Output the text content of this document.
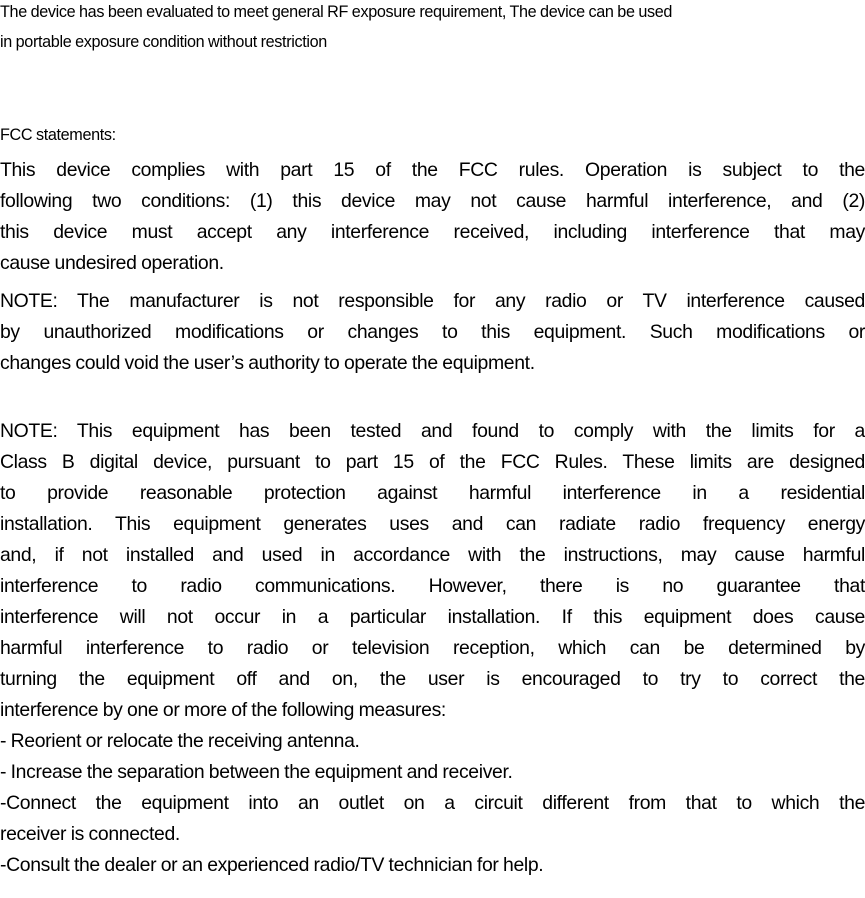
The device has been evaluated to meet general RF exposure requirement, The device can be used
in portable exposure condition without restriction
FCC statements:
This device complies with part 15 of the FCC rules. Operation is subject to the
following two conditions: (1) this device may not cause harmful interference, and (2)
this device must accept any interference received, including interference that may
cause undesired operation.
NOTE: The manufacturer is not responsible for any radio or TV interference caused
by unauthorized modifications or changes to this equipment. Such modifications or
changes could void the user’s authority to operate the equipment.
NOTE: This equipment has been tested and found to comply with the limits for a
Class B digital device, pursuant to part 15 of the FCC Rules. These limits are designed
to provide reasonable protection against harmful interference in a residential
installation. This equipment generates uses and can radiate radio frequency energy
and, if not installed and used in accordance with the instructions, may cause harmful
interference to radio communications. However, there is no guarantee that
interference will not occur in a particular installation. If this equipment does cause
harmful interference to radio or television reception, which can be determined by
turning the equipment off and on, the user is encouraged to try to correct the
interference by one or more of the following measures:
- Reorient or relocate the receiving antenna.
- Increase the separation between the equipment and receiver.
-Connect the equipment into an outlet on a circuit different from that to which the
receiver is connected.
-Consult the dealer or an experienced radio/TV technician for help.
